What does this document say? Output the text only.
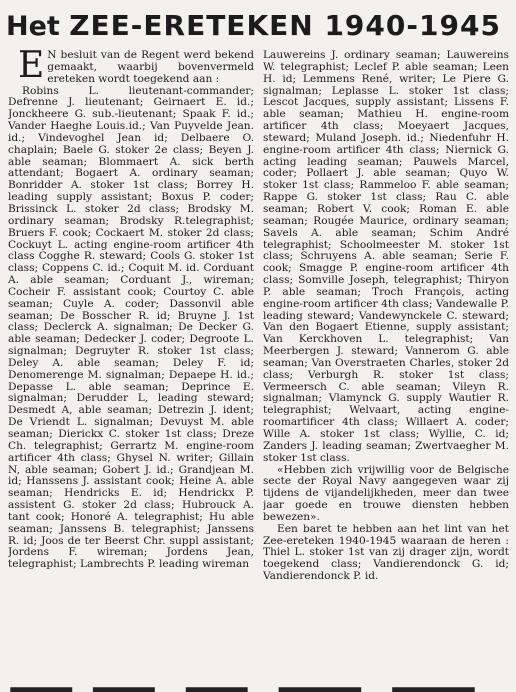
Het ZEE-ERETEKEN 1940-1945

E N besluit van de Regent werd bekend gemaakt, waarbij bovenvermeld ereteken wordt toegekend aan :

Robins L. lieutenant-commander; Defrenne J. lieutenant; Geirnaert E. id.; Jonckheere G. sub.-lieutenant; Spaak F. id.; Vander Haeghe Louis.id.; Van Puyvelde Jean. id.; Vindevoghel Jean id; Delbaere O. chaplain; Baele G. stoker 2e class; Beyen J. able seaman; Blommaert A. sick berth attendant; Bogaert A. ordinary seaman; Bonridder A. stoker 1st class; Borrey H. leading supply assistant; Boxus P. coder; Brissinck L. stoker 2d class; Brodsky M. ordinary seaman; Brodsky R.telegraphist; Bruers F. cook; Cockaert M. stoker 2d class; Cockuyt L. acting engine-room artificer 4th class Cogghe R. steward; Cools G. stoker 1st class; Coppens C. id.; Coquit M. id. Corduant A. able seaman; Corduant J., wireman; Cocheir F. assistant cook; Courtoy C. able seaman; Cuyle A. coder; Dassonvil able seaman; De Bosscher R. id; Bruyne J. 1st class; Declerck A. signalman; De Decker G. able seaman; Dedecker J. coder; Degroote L. signalman; Degruyter R. stoker 1st class; Deley A. able seaman; Deley F. id; Denomerenge M. signalman; Depaepe H. id.; Depasse L. able seaman; Deprince E. signalman; Derudder L, leading steward; Desmedt A, able seaman; Detrezin J. ident; De Vriendt L. signalman; Devuyst M. able seaman; Dierickx C. stoker 1st class; Dreze Ch. telegraphist; Gerrartz M. engine-room artificer 4th class; Ghysel N. writer; Gillain N, able seaman; Gobert J. id.; Grandjean M. id; Hanssens J. assistant cook; Heine A. able seaman; Hendricks E. id; Hendrickx P. assistent G. stoker 2d class; Hubrouck A. tant cook; Honoré A. telegraphist; Hu able seaman; Janssens B. telegraphist; Janssens R. id; Joos de ter Beerst Chr. suppl assistant; Jordens F. wireman; Jordens Jean, telegraphist; Lambrechts P. leading wireman

Lauwereins J. ordinary seaman; Lauwereins W. telegraphist; Leclef P. able seaman; Leen H. id; Lemmens René, writer; Le Piere G. signalman; Leplasse L. stoker 1st class; Lescot Jacques, supply assistant; Lissens F. able seaman; Mathieu H. engine-room artificer 4th class; Moeyaert Jacques, steward; Muland Joseph. id.; Niedenfuhr H. engine-room artificer 4th class; Niernick G. acting leading seaman; Pauwels Marcel, coder; Pollaert J. able seaman; Quyo W. stoker 1st class; Rammeloo F. able seaman; Rappe G. stoker 1st class; Rau C. able seaman; Robert V. cook; Roman E. able seaman; Rougée Maurice, ordinary seaman; Savels A. able seaman; Schim André telegraphist; Schoolmeester M. stoker 1st class; Schruyens A. able seaman; Serie F. cook; Smagge P. engine-room artificer 4th class; Somville Joseph, telegraphist; Thiryon P. able seaman; Troch François, acting engine-room artificer 4th class; Vandewalle P. leading steward; Vandewynckele C. steward; Van den Bogaert Etienne, supply assistant; Van Kerckhoven L. telegraphist; Van Meerbergen J. steward; Vannerom G. able seaman; Van Overstraeten Charles, stoker 2d class; Verburgh R. stoker 1st class; Vermeersch C. able seaman; Vileyn R. signalman; Vlamynck G. supply Wautier R. telegraphist; Welvaart, acting engine-roomartificer 4th class; Willaert A. coder; Wille A. stoker 1st class; Wyllie, C. id; Zanders J. leading seaman; Zwertvaegher M. stoker 1st class.

«Hebben zich vrijwillig voor de Belgische secte der Royal Navy aangegeven waar zij tijdens de vijandelijkheden, meer dan twee jaar goede en trouwe diensten hebben bewezen».

Een baret te hebben aan het lint van het Zee-ereteken 1940-1945 waaraan de heren : Thiel L. stoker 1st van zij drager zijn, wordt toegekend class; Vandierendonck G. id; Vandierendonck P. id.
